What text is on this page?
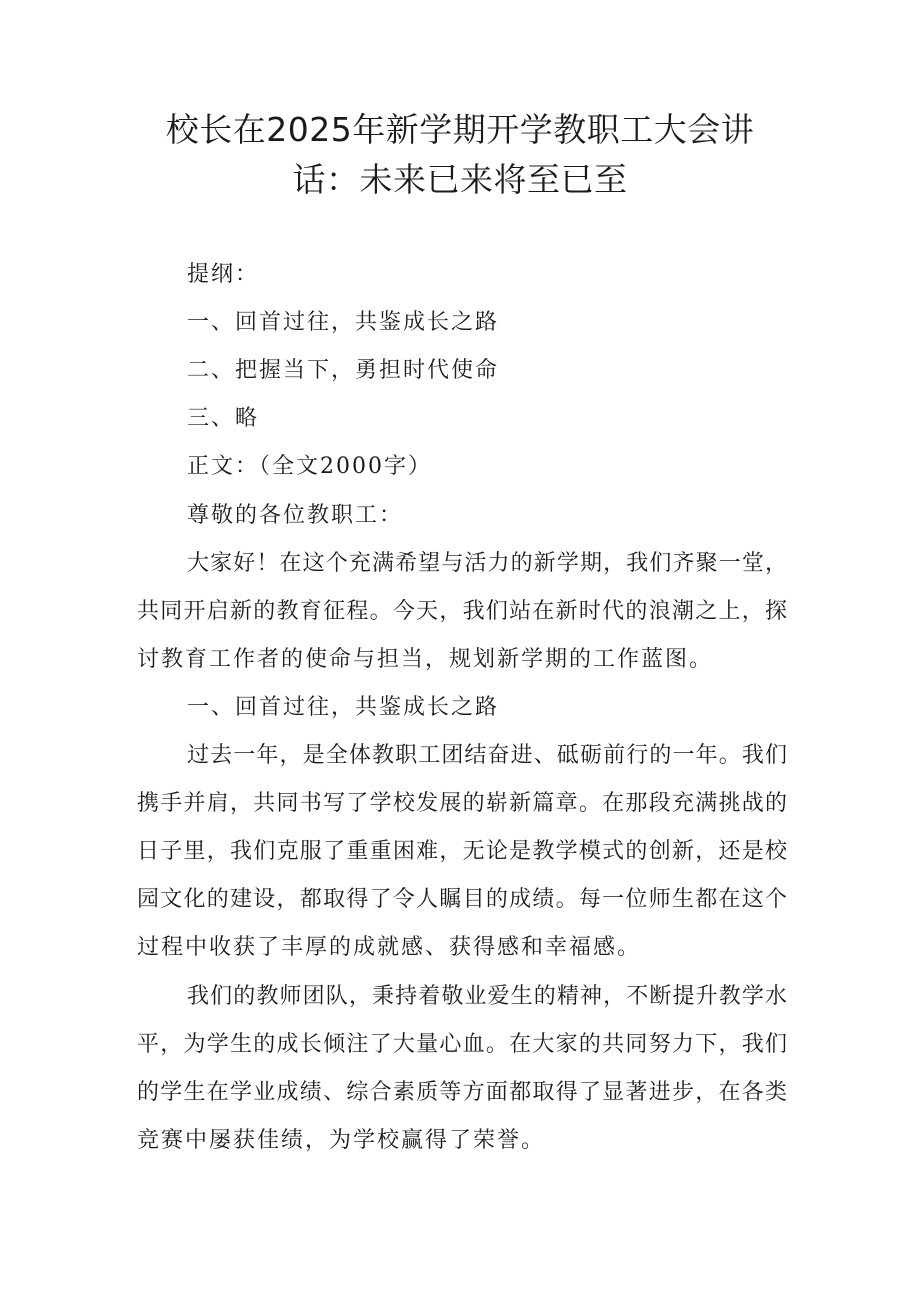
校长在2025年新学期开学教职工大会讲
话：未来已来将至已至

提纲：

一、回首过往，共鉴成长之路

二、把握当下，勇担时代使命

三、略

正文：（全文2000字）

尊敬的各位教职工：

大家好！在这个充满希望与活力的新学期，我们齐聚一堂，

共同开启新的教育征程。今天，我们站在新时代的浪潮之上，探

讨教育工作者的使命与担当，规划新学期的工作蓝图。

一、回首过往，共鉴成长之路

过去一年，是全体教职工团结奋进、砥砺前行的一年。我们

携手并肩，共同书写了学校发展的崭新篇章。在那段充满挑战的

日子里，我们克服了重重困难，无论是教学模式的创新，还是校

园文化的建设，都取得了令人瞩目的成绩。每一位师生都在这个

过程中收获了丰厚的成就感、获得感和幸福感。

我们的教师团队，秉持着敬业爱生的精神，不断提升教学水

平，为学生的成长倾注了大量心血。在大家的共同努力下，我们

的学生在学业成绩、综合素质等方面都取得了显著进步，在各类

竞赛中屡获佳绩，为学校赢得了荣誉。
